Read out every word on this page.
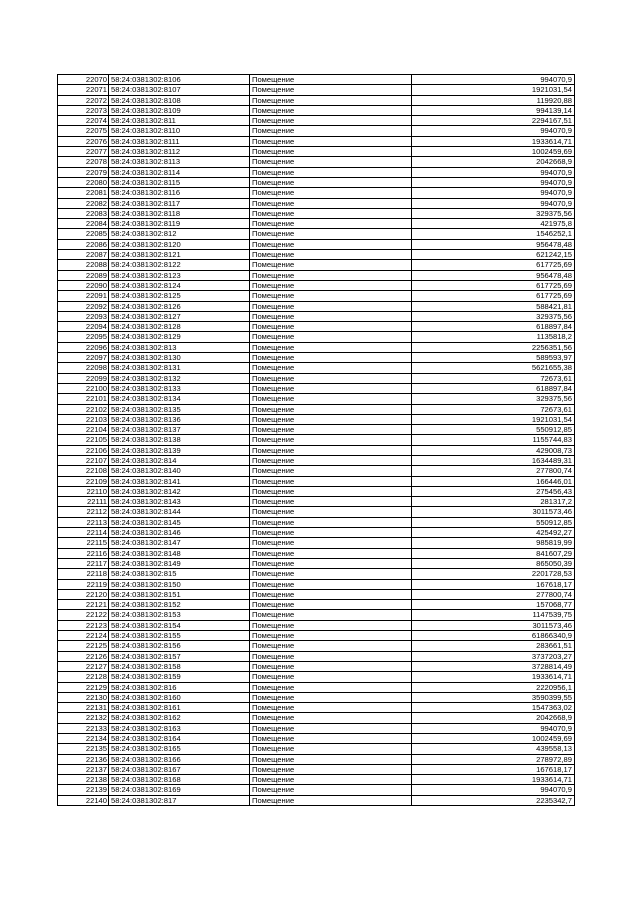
22070	58:24:0381302:8106	Помещение	994070,9
22071	58:24:0381302:8107	Помещение	1921031,54
22072	58:24:0381302:8108	Помещение	119920,88
22073	58:24:0381302:8109	Помещение	994139,14
22074	58:24:0381302:811	Помещение	2294167,51
22075	58:24:0381302:8110	Помещение	994070,9
22076	58:24:0381302:8111	Помещение	1933614,71
22077	58:24:0381302:8112	Помещение	1002459,69
22078	58:24:0381302:8113	Помещение	2042668,9
22079	58:24:0381302:8114	Помещение	994070,9
22080	58:24:0381302:8115	Помещение	994070,9
22081	58:24:0381302:8116	Помещение	994070,9
22082	58:24:0381302:8117	Помещение	994070,9
22083	58:24:0381302:8118	Помещение	329375,56
22084	58:24:0381302:8119	Помещение	421975,8
22085	58:24:0381302:812	Помещение	1546252,1
22086	58:24:0381302:8120	Помещение	956478,48
22087	58:24:0381302:8121	Помещение	621242,15
22088	58:24:0381302:8122	Помещение	617725,69
22089	58:24:0381302:8123	Помещение	956478,48
22090	58:24:0381302:8124	Помещение	617725,69
22091	58:24:0381302:8125	Помещение	617725,69
22092	58:24:0381302:8126	Помещение	588421,81
22093	58:24:0381302:8127	Помещение	329375,56
22094	58:24:0381302:8128	Помещение	618897,84
22095	58:24:0381302:8129	Помещение	1135818,2
22096	58:24:0381302:813	Помещение	2256351,56
22097	58:24:0381302:8130	Помещение	589593,97
22098	58:24:0381302:8131	Помещение	5621655,38
22099	58:24:0381302:8132	Помещение	72673,61
22100	58:24:0381302:8133	Помещение	618897,84
22101	58:24:0381302:8134	Помещение	329375,56
22102	58:24:0381302:8135	Помещение	72673,61
22103	58:24:0381302:8136	Помещение	1921031,54
22104	58:24:0381302:8137	Помещение	550912,85
22105	58:24:0381302:8138	Помещение	1155744,83
22106	58:24:0381302:8139	Помещение	429008,73
22107	58:24:0381302:814	Помещение	1634489,31
22108	58:24:0381302:8140	Помещение	277800,74
22109	58:24:0381302:8141	Помещение	166446,01
22110	58:24:0381302:8142	Помещение	275456,43
22111	58:24:0381302:8143	Помещение	281317,2
22112	58:24:0381302:8144	Помещение	3011573,46
22113	58:24:0381302:8145	Помещение	550912,85
22114	58:24:0381302:8146	Помещение	425492,27
22115	58:24:0381302:8147	Помещение	985819,99
22116	58:24:0381302:8148	Помещение	841607,29
22117	58:24:0381302:8149	Помещение	865050,39
22118	58:24:0381302:815	Помещение	2201728,53
22119	58:24:0381302:8150	Помещение	167618,17
22120	58:24:0381302:8151	Помещение	277800,74
22121	58:24:0381302:8152	Помещение	157068,77
22122	58:24:0381302:8153	Помещение	1147539,75
22123	58:24:0381302:8154	Помещение	3011573,46
22124	58:24:0381302:8155	Помещение	61866340,9
22125	58:24:0381302:8156	Помещение	283661,51
22126	58:24:0381302:8157	Помещение	3737203,27
22127	58:24:0381302:8158	Помещение	3728814,49
22128	58:24:0381302:8159	Помещение	1933614,71
22129	58:24:0381302:816	Помещение	2220956,1
22130	58:24:0381302:8160	Помещение	3590399,55
22131	58:24:0381302:8161	Помещение	1547363,02
22132	58:24:0381302:8162	Помещение	2042668,9
22133	58:24:0381302:8163	Помещение	994070,9
22134	58:24:0381302:8164	Помещение	1002459,69
22135	58:24:0381302:8165	Помещение	439558,13
22136	58:24:0381302:8166	Помещение	278972,89
22137	58:24:0381302:8167	Помещение	167618,17
22138	58:24:0381302:8168	Помещение	1933614,71
22139	58:24:0381302:8169	Помещение	994070,9
22140	58:24:0381302:817	Помещение	2235342,7
